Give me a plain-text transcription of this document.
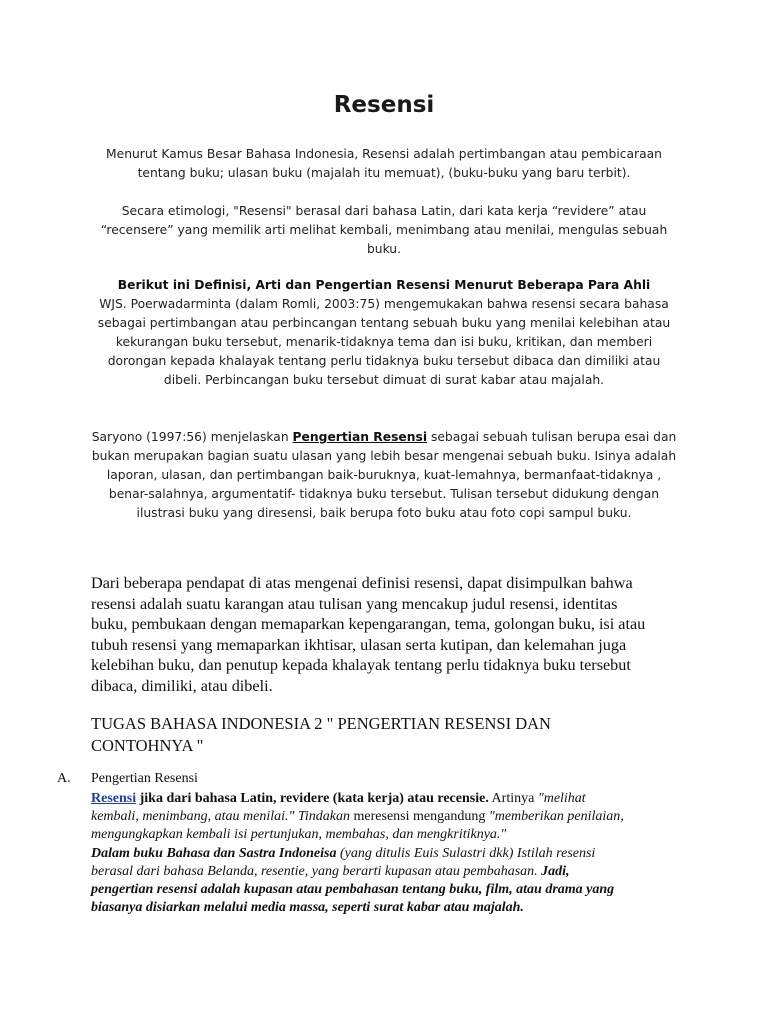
Resensi

Menurut Kamus Besar Bahasa Indonesia, Resensi adalah pertimbangan atau pembicaraan

tentang buku; ulasan buku (majalah itu memuat), (buku-buku yang baru terbit).

Secara etimologi, "Resensi" berasal dari bahasa Latin, dari kata kerja “revidere” atau

“recensere” yang memilik arti melihat kembali, menimbang atau menilai, mengulas sebuah

buku.

Berikut ini Definisi, Arti dan Pengertian Resensi Menurut Beberapa Para Ahli

WJS. Poerwadarminta (dalam Romli, 2003:75) mengemukakan bahwa resensi secara bahasa

sebagai pertimbangan atau perbincangan tentang sebuah buku yang menilai kelebihan atau

kekurangan buku tersebut, menarik-tidaknya tema dan isi buku, kritikan, dan memberi

dorongan kepada khalayak tentang perlu tidaknya buku tersebut dibaca dan dimiliki atau

dibeli. Perbincangan buku tersebut dimuat di surat kabar atau majalah.

Saryono (1997:56) menjelaskan Pengertian Resensi sebagai sebuah tulisan berupa esai dan

bukan merupakan bagian suatu ulasan yang lebih besar mengenai sebuah buku. Isinya adalah

laporan, ulasan, dan pertimbangan baik-buruknya, kuat-lemahnya, bermanfaat-tidaknya ,

benar-salahnya, argumentatif- tidaknya buku tersebut. Tulisan tersebut didukung dengan

ilustrasi buku yang diresensi, baik berupa foto buku atau foto copi sampul buku.

Dari beberapa pendapat di atas mengenai definisi resensi, dapat disimpulkan bahwa
resensi adalah suatu karangan atau tulisan yang mencakup judul resensi, identitas
buku, pembukaan dengan memaparkan kepengarangan, tema, golongan buku, isi atau
tubuh resensi yang memaparkan ikhtisar, ulasan serta kutipan, dan kelemahan juga
kelebihan buku, dan penutup kepada khalayak tentang perlu tidaknya buku tersebut
dibaca, dimiliki, atau dibeli.
TUGAS BAHASA INDONESIA 2 " PENGERTIAN RESENSI DAN
CONTOHNYA "
A. Pengertian Resensi
Resensi jika dari bahasa Latin, revidere (kata kerja) atau recensie. Artinya "melihat
kembali, menimbang, atau menilai." Tindakan meresensi mengandung "memberikan penilaian,
mengungkapkan kembali isi pertunjukan, membahas, dan mengkritiknya."
Dalam buku Bahasa dan Sastra Indoneisa (yang ditulis Euis Sulastri dkk) Istilah resensi
berasal dari bahasa Belanda, resentie, yang berarti kupasan atau pembahasan. Jadi,
pengertian resensi adalah kupasan atau pembahasan tentang buku, film, atau drama yang
biasanya disiarkan melalui media massa, seperti surat kabar atau majalah.
